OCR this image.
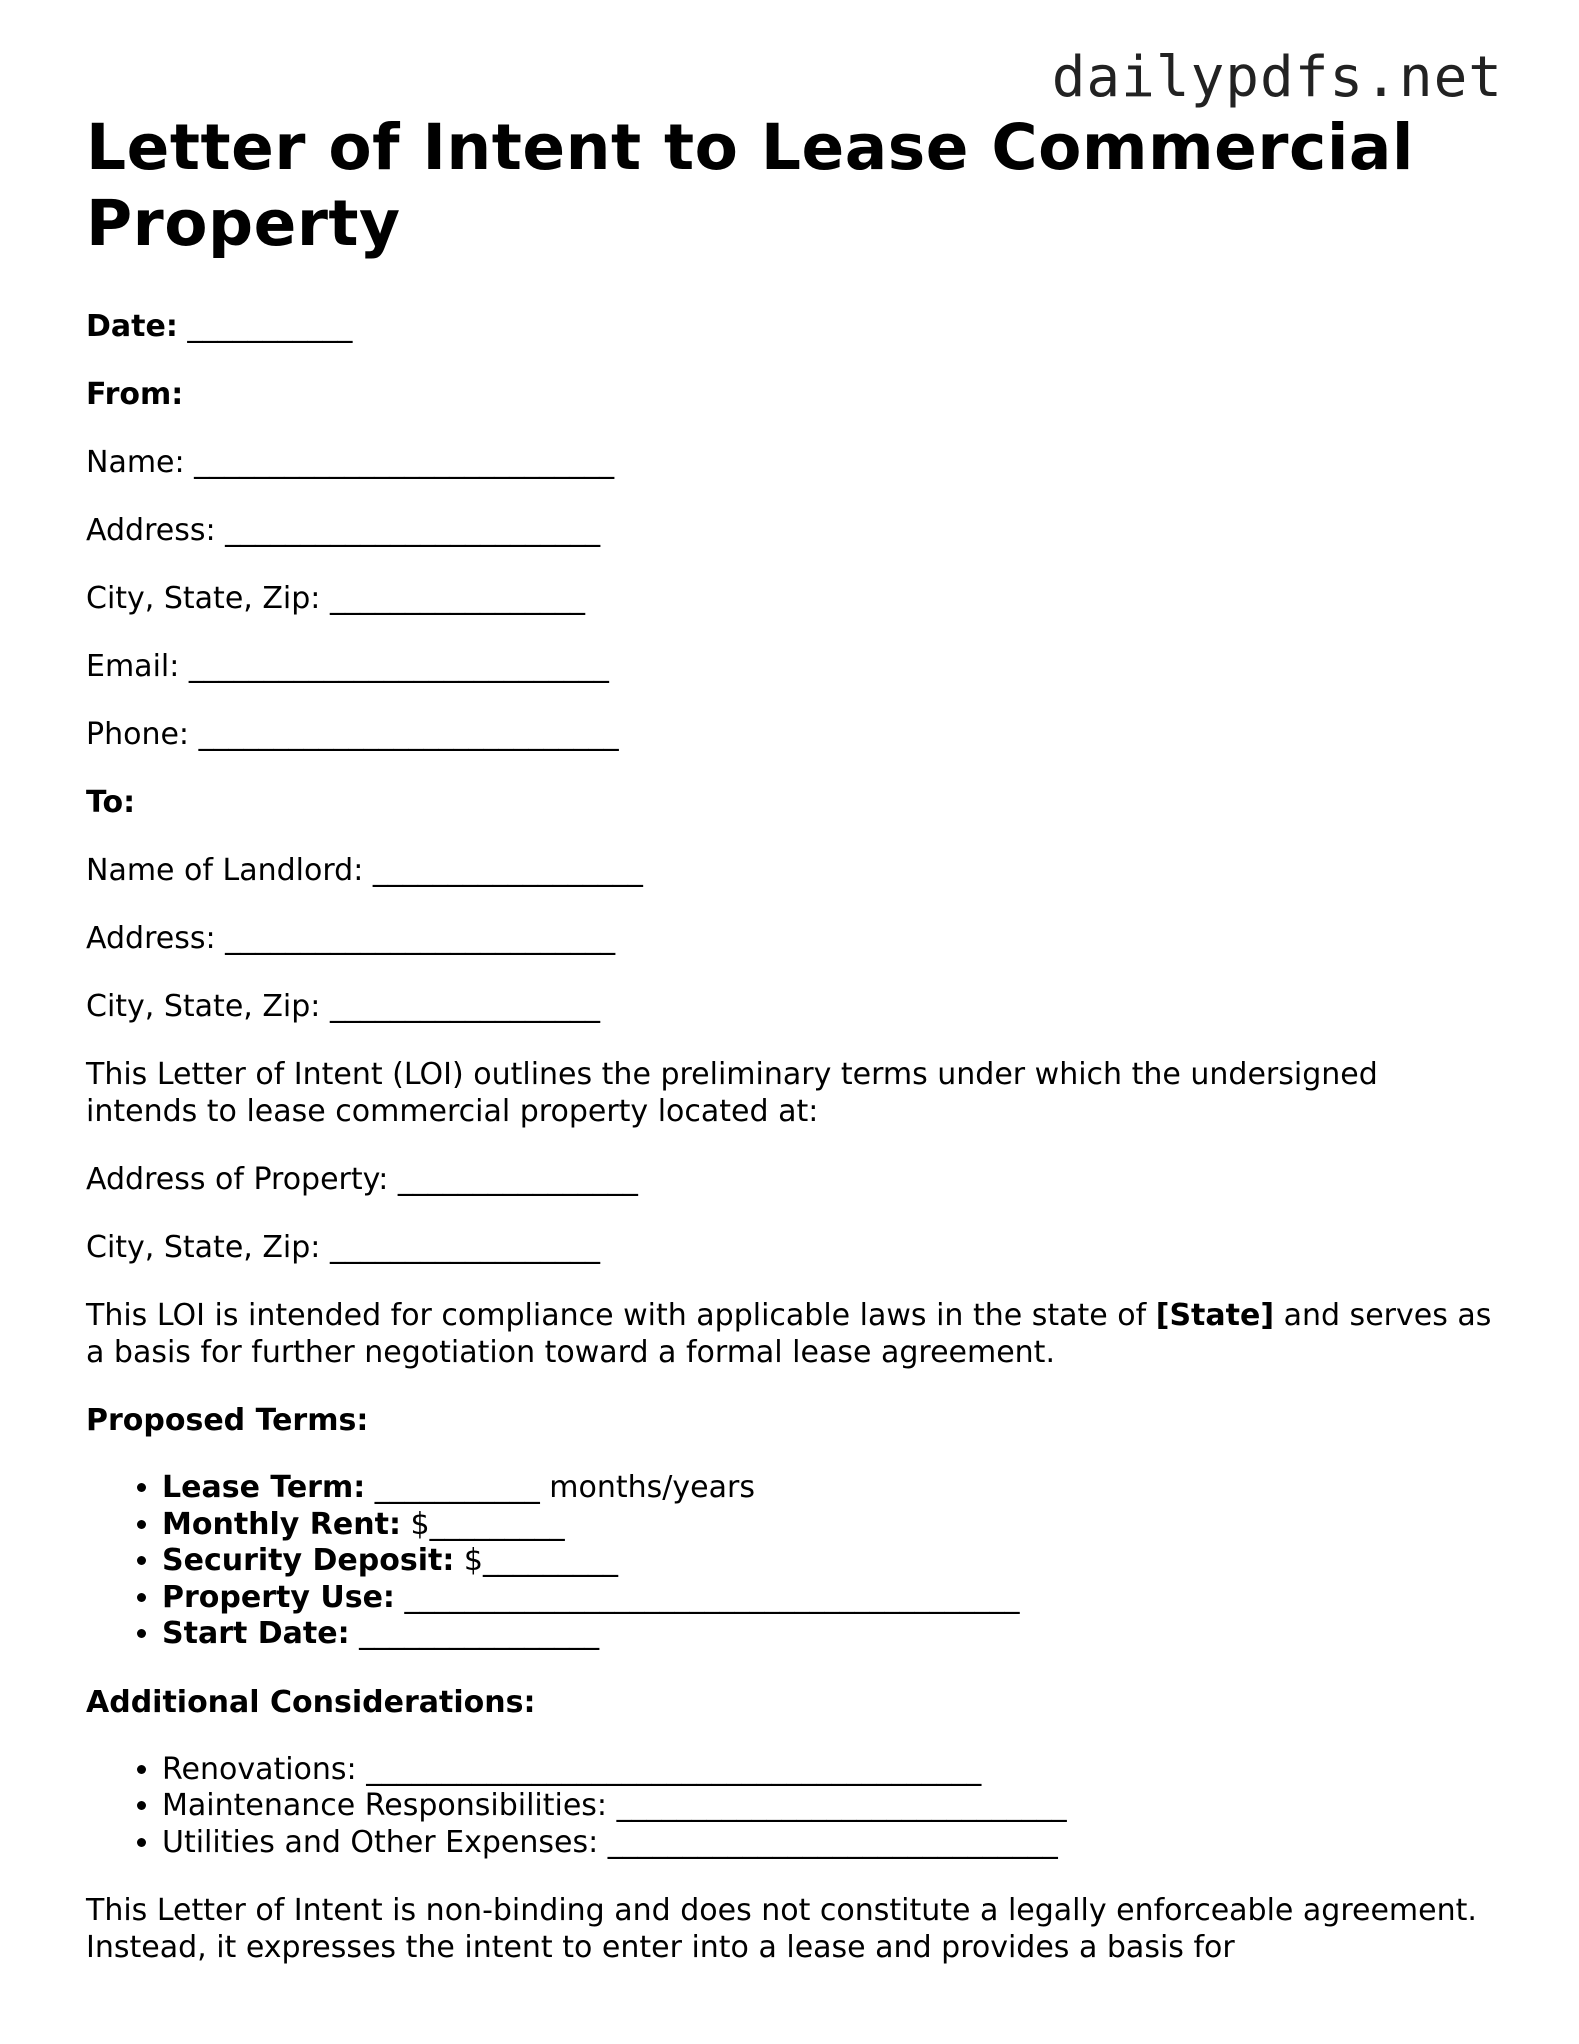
dailypdfs.net
Letter of Intent to Lease Commercial Property

Date: ___________

From:

Name: ____________________________

Address: _________________________

City, State, Zip: _________________

Email: ____________________________

Phone: ____________________________

To:

Name of Landlord: __________________

Address: __________________________

City, State, Zip: __________________

This Letter of Intent (LOI) outlines the preliminary terms under which the undersigned intends to lease commercial property located at:

Address of Property: ________________

City, State, Zip: __________________

This LOI is intended for compliance with applicable laws in the state of [State] and serves as a basis for further negotiation toward a formal lease agreement.

Proposed Terms:

• Lease Term: ___________ months/years
• Monthly Rent: $_________
• Security Deposit: $_________
• Property Use: _________________________________________
• Start Date: ________________

Additional Considerations:

• Renovations: _________________________________________
• Maintenance Responsibilities: ______________________________
• Utilities and Other Expenses: ______________________________

This Letter of Intent is non-binding and does not constitute a legally enforceable agreement. Instead, it expresses the intent to enter into a lease and provides a basis for
